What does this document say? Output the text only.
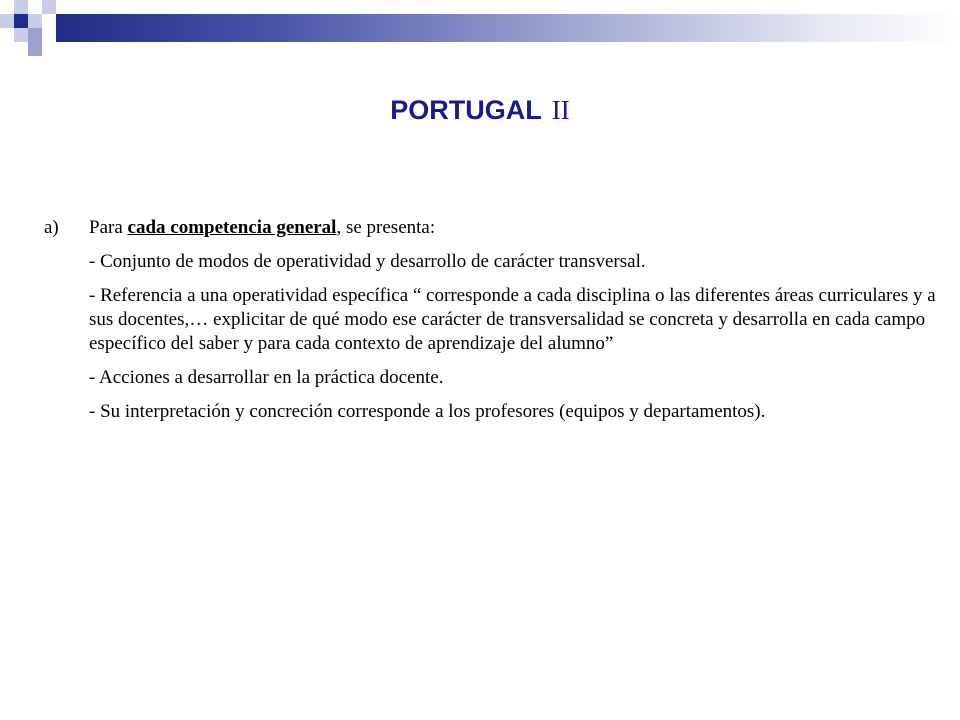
PORTUGAL II
a)	Para cada competencia general, se presenta:
- Conjunto de modos de operatividad y desarrollo de carácter transversal.
- Referencia a una operatividad específica “ corresponde a cada disciplina o las diferentes áreas curriculares y a sus docentes,… explicitar de qué modo ese carácter de transversalidad se concreta y desarrolla en cada campo específico del saber y para cada contexto de aprendizaje del alumno”
- Acciones a desarrollar en la práctica docente.
- Su interpretación y concreción corresponde a los profesores (equipos y departamentos).
